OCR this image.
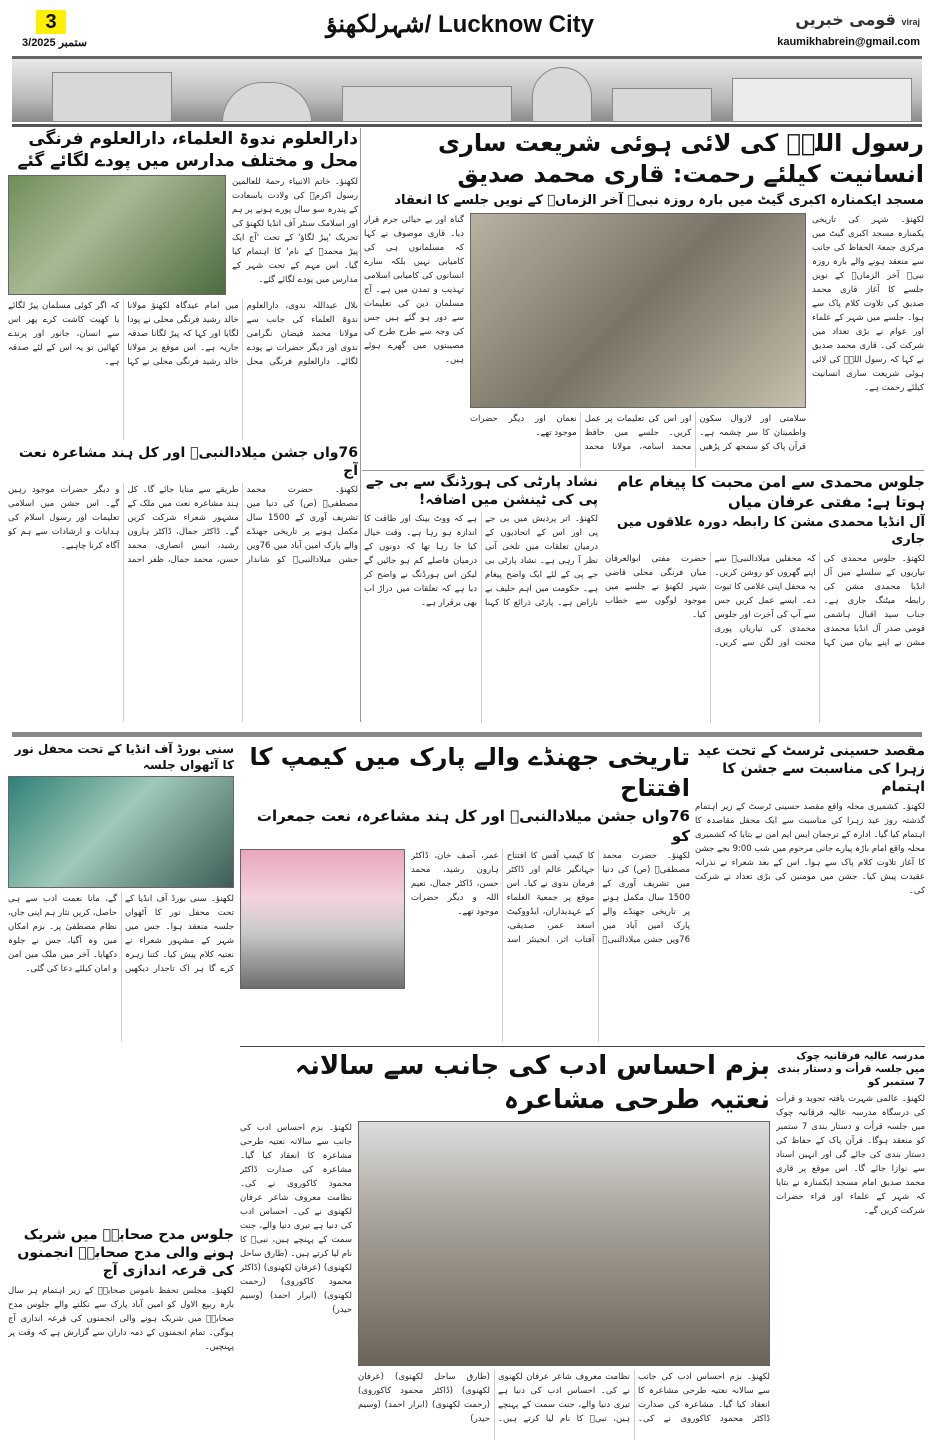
3
3/ستمبر 2025
شہرلکھنؤ/ Lucknow City	قومی خبریں viraj
kaumikhabrein@gmail.com
رسول اللہؐ کی لائی ہوئی شریعت ساری انسانیت کیلئے رحمت: قاری محمد صدیق
مسجد ایکمنارہ اکبری گیٹ میں بارہ روزہ نبیؐ آخر الزماںؐ کے نویں جلسے کا انعقاد
لکھنؤ۔ شہر کی تاریخی یکمنارہ مسجد اکبری گیٹ میں مرکزی جمعۃ الحفاظ کی جانب سے منعقد ہونے والے بارہ روزہ نبیؐ آخر الزماںؐ کے نویں جلسے کا آغاز قاری محمد صدیق کی تلاوت کلام پاک سے ہوا۔ جلسے میں شہر کے علماء اور عوام نے بڑی تعداد میں شرکت کی۔ قاری محمد صدیق نے کہا کہ رسول اللہؐ کی لائی ہوئی شریعت ساری انسانیت کیلئے رحمت ہے۔
سلامتی اور لازوال سکون واطمینان کا سر چشمہ ہے۔ قرآن پاک کو سمجھ کر پڑھیں اور اس کی تعلیمات پر عمل کریں۔ جلسے میں حافظ محمد اسامہ، مولانا محمد نعمان اور دیگر حضرات موجود تھے۔
گناہ اور بے حیائی جرم قرار دیا۔ قاری موصوف نے کہا کہ مسلمانوں ہی کی کامیابی نہیں بلکہ سارے انسانوں کی کامیابی اسلامی تہذیب و تمدن میں ہے۔ آج مسلمان دین کی تعلیمات سے دور ہو گئے ہیں جس کی وجہ سے طرح طرح کی مصیبتوں میں گھرے ہوئے ہیں۔
دارالعلوم ندوۃ العلماء، دارالعلوم فرنگی محل و مختلف مدارس میں پودے لگائے گئے
لکھنؤ۔ خاتم الانبیاء رحمۃ للعالمین رسول اکرمؐ کی ولادت باسعادت کے پندرہ سو سال پورے ہونے پر ہم اور اسلامک سنٹر آف انڈیا لکھنؤ کی تحریک 'پیڑ لگاؤ' کے تحت 'آج ایک پیڑ محمدؐ کے نام' کا اہتمام کیا گیا۔ اس مہم کے تحت شہر کے مدارس میں پودے لگائے گئے۔
بلال عبداللہ ندوی، دارالعلوم ندوۃ العلماء کی جانب سے مولانا محمد فیضان نگرامی ندوی اور دیگر حضرات نے پودے لگائے۔ دارالعلوم فرنگی محل میں امام عیدگاہ لکھنؤ مولانا خالد رشید فرنگی محلی نے پودا لگایا اور کہا کہ پیڑ لگانا صدقہ جاریہ ہے۔ اس موقع پر مولانا خالد رشید فرنگی محلی نے کہا کہ اگر کوئی مسلمان پیڑ لگائے یا کھیت کاشت کرے پھر اس سے انسان، جانور اور پرندے کھائیں تو یہ اس کے لئے صدقہ ہے۔
76واں جشن میلادالنبیؐ اور کل ہند مشاعرہ نعت آج
لکھنؤ۔ حضرت محمد مصطفیؐ (ص) کی دنیا میں تشریف آوری کے 1500 سال مکمل ہونے پر تاریخی جھنڈے والے پارک امین آباد میں 76ویں جشن میلادالنبیؐ کو شاندار طریقے سے منایا جائے گا۔ کل ہند مشاعرہ نعت میں ملک کے مشہور شعراء شرکت کریں گے۔ ڈاکٹر جمال، ڈاکٹر ہارون رشید، انیس انصاری، محمد حسن، محمد جمال، ظفر احمد و دیگر حضرات موجود رہیں گے۔ اس جشن میں اسلامی تعلیمات اور رسول اسلام کی ہدایات و ارشادات سے ہم کو آگاہ کرنا چاہیے۔
جلوس محمدی سے امن محبت کا پیغام عام ہوتا ہے: مفتی عرفان میاں
آل انڈیا محمدی مشن کا رابطہ دورہ علاقوں میں جاری
لکھنؤ۔ جلوس محمدی کی تیاریوں کے سلسلے میں آل انڈیا محمدی مشن کی رابطہ میٹنگ جاری ہے۔ جناب سید اقبال ہاشمی قومی صدر آل انڈیا محمدی مشن نے اپنے بیان میں کہا کہ محفلیں میلادالنبیؐ سے اپنے گھروں کو روشن کریں۔ یہ محفل اپنی غلامی کا ثبوت دے۔ ایسے عمل کریں جس سے آپ کی آخرت اور جلوس محمدی کی تیاریاں پوری محنت اور لگن سے کریں۔ حضرت مفتی ابوالعرفان میاں فرنگی محلی قاضی شہر لکھنؤ نے جلسے میں موجود لوگوں سے خطاب کیا۔
نشاد پارٹی کی ہورڈنگ سے بی جے پی کی ٹینشن میں اضافہ!
لکھنؤ۔ اتر پردیش میں بی جے پی اور اس کے اتحادیوں کے درمیان تعلقات میں تلخی آتی نظر آ رہی ہے۔ نشاد پارٹی بی جے پی کے لئے ایک واضح پیغام ہے۔ حکومت میں اہم حلیف بے ناراض ہے۔ پارٹی ذرائع کا کہنا ہے کہ ووٹ بینک اور طاقت کا اندازہ ہو رہا ہے۔ وقت خیال کیا جا رہا تھا کہ دونوں کے درمیان فاصلے کم ہو جائیں گے لیکن اس ہورڈنگ نے واضح کر دیا ہے کہ تعلقات میں دراڑ اب بھی برقرار ہے۔
سنی بورڈ آف انڈیا کے تحت محفل نور کا آٹھواں جلسہ
لکھنؤ۔ سنی بورڈ آف انڈیا کے تحت محفل نور کا آٹھواں جلسہ منعقد ہوا۔ جس میں شہر کے مشہور شعراء نے نعتیہ کلام پیش کیا۔ کتنا زہرہ کرے گا ہر اک تاجدار دیکھیں گے، مانا نعمت ادب سے ہی حاصل، کریں نثار ہم اپنی جاں، نظام مصطفیٰ پر۔ بزم امکاں میں وہ آگیا، جس نے جلوہ دکھایا۔ آخر میں ملک میں امن و امان کیلئے دعا کی گئی۔
تاریخی جھنڈے والے پارک میں کیمپ کا افتتاح
76واں جشن میلادالنبیؐ اور کل ہند مشاعرہ، نعت جمعرات کو
لکھنؤ۔ حضرت محمد مصطفیؐ (ص) کی دنیا میں تشریف آوری کے 1500 سال مکمل ہونے پر تاریخی جھنڈے والے پارک امین آباد میں 76ویں جشن میلادالنبیؐ کا کیمپ آفس کا افتتاح جہانگیر عالم اور ڈاکٹر فرمان ندوی نے کیا۔ اس موقع پر جمعیۃ العلماء کے عہدیداران، ایڈووکیٹ اسعد عمر، صدیقی، آفتاب اثر، انجینئر اسد عمر، آصف خان، ڈاکٹر ہارون رشید، محمد حسن، ڈاکٹر جمال، نعیم اللہ و دیگر حضرات موجود تھے۔
مقصد حسینی ٹرسٹ کے تحت عید زہرا کی مناسبت سے جشن کا اہتمام
لکھنؤ۔ کشمیری محلہ واقع مقصد حسینی ٹرسٹ کے زیر اہتمام گذشتہ روز عید زہرا کی مناسبت سے ایک محفل مقاصدہ کا اہتمام کیا گیا۔ ادارہ کے ترجمان ایس ایم امن نے بتایا کہ کشمیری محلہ واقع امام باڑہ پیارے جانی مرحوم میں شب 9:00 بجے جشن کا آغاز تلاوت کلام پاک سے ہوا۔ اس کے بعد شعراء نے نذرانہ عقیدت پیش کیا۔ جشن میں مومنین کی بڑی تعداد نے شرکت کی۔
مدرسہ عالیہ فرقانیہ چوک میں جلسہ قرأت و دستار بندی 7 ستمبر کو
لکھنؤ۔ عالمی شہرت یافتہ تجوید و قرأت کی درسگاہ مدرسہ عالیہ فرقانیہ چوک میں جلسہ قرأت و دستار بندی 7 ستمبر کو منعقد ہوگا۔ قرآن پاک کے حفاظ کی دستار بندی کی جائے گی اور انہیں اسناد سے نوازا جائے گا۔ اس موقع پر قاری محمد صدیق امام مسجد ایکمنارہ نے بتایا کہ شہر کے علماء اور قراء حضرات شرکت کریں گے۔
بزم احساس ادب کی جانب سے سالانہ نعتیہ طرحی مشاعرہ
لکھنؤ۔ بزم احساس ادب کی جانب سے سالانہ نعتیہ طرحی مشاعرہ کا انعقاد کیا گیا۔ مشاعرہ کی صدارت ڈاکٹر محمود کاکوروی نے کی۔ نظامت معروف شاعر عرفان لکھنوی نے کی۔ احساس ادب کی دنیا ہے تیری دنیا والے، جنت سمت کے پہنچے ہیں، نبیؐ کا نام لیا کرتے ہیں۔ (طارق ساحل لکھنوی) (عرفان لکھنوی) (ڈاکٹر محمود کاکوروی) (رحمت لکھنوی) (ابرار احمد) (وسیم حیدر)
لکھنؤ۔ بزم احساس ادب کی جانب سے سالانہ نعتیہ طرحی مشاعرہ کا انعقاد کیا گیا۔ مشاعرہ کی صدارت ڈاکٹر محمود کاکوروی نے کی۔ نظامت معروف شاعر عرفان لکھنوی نے کی۔ احساس ادب کی دنیا ہے تیری دنیا والے، جنت سمت کے پہنچے ہیں، نبیؐ کا نام لیا کرتے ہیں۔ (طارق ساحل لکھنوی) (عرفان لکھنوی) (ڈاکٹر محمود کاکوروی) (رحمت لکھنوی) (ابرار احمد) (وسیم حیدر)
جلوس مدح صحابہؓ میں شریک ہونے والی مدح صحابہؓ انجمنوں کی قرعہ اندازی آج
لکھنؤ۔ مجلس تحفظ ناموس صحابہؓ کے زیر اہتمام ہر سال بارہ ربیع الاول کو امین آباد پارک سے نکلنے والے جلوس مدح صحابہؓ میں شریک ہونے والی انجمنوں کی قرعہ اندازی آج ہوگی۔ تمام انجمنوں کے ذمہ داران سے گزارش ہے کہ وقت پر پہنچیں۔
